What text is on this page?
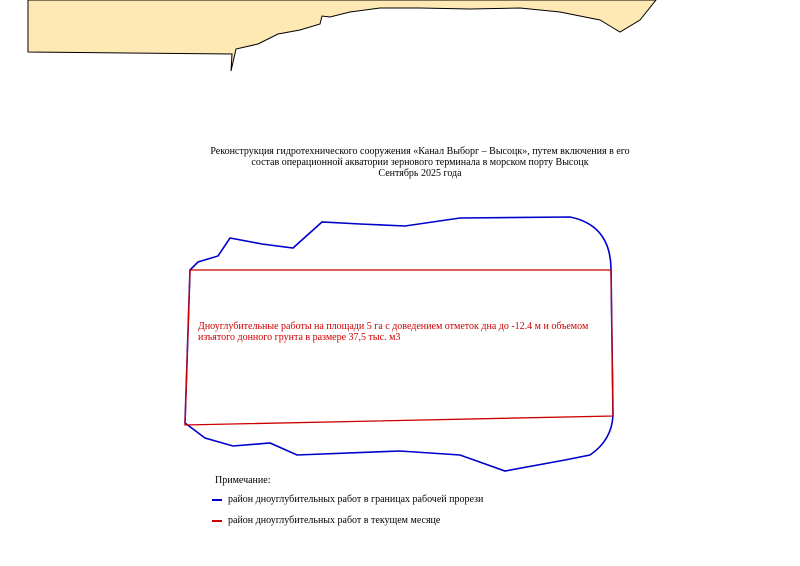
Реконструкция гидротехнического сооружения «Канал Выборг – Высоцк», путем включения в его
состав операционной акватории зернового терминала в морском порту Высоцк
Сентябрь 2025 года
Дноуглубительные работы на площади 5 га с доведением отметок дна до -12.4 м и объемом
изъятого донного грунта в размере 37,5 тыс. м3
Примечание:
район дноуглубительных работ в границах рабочей прорези
район дноуглубительных работ в текущем месяце
